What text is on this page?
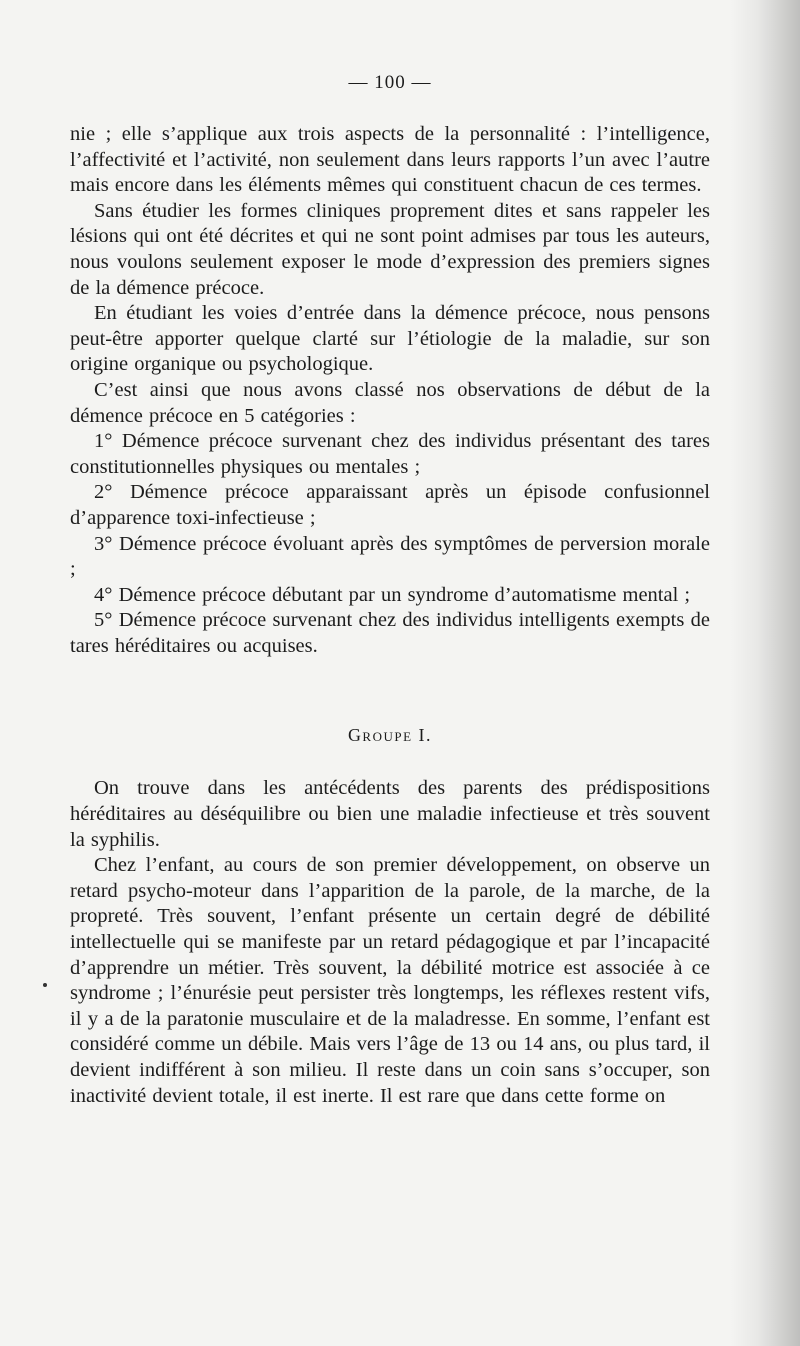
— 100 —

nie ; elle s’applique aux trois aspects de la personnalité : l’intelligence, l’affectivité et l’activité, non seulement dans leurs rapports l’un avec l’autre mais encore dans les éléments mêmes qui constituent chacun de ces termes.

Sans étudier les formes cliniques proprement dites et sans rappeler les lésions qui ont été décrites et qui ne sont point admises par tous les auteurs, nous voulons seulement exposer le mode d’expression des premiers signes de la démence précoce.

En étudiant les voies d’entrée dans la démence précoce, nous pensons peut-être apporter quelque clarté sur l’étiologie de la maladie, sur son origine organique ou psychologique.

C’est ainsi que nous avons classé nos observations de début de la démence précoce en 5 catégories :

1° Démence précoce survenant chez des individus présentant des tares constitutionnelles physiques ou mentales ;

2° Démence précoce apparaissant après un épisode confusionnel d’apparence toxi-infectieuse ;

3° Démence précoce évoluant après des symptômes de perversion morale ;

4° Démence précoce débutant par un syndrome d’automatisme mental ;

5° Démence précoce survenant chez des individus intelligents exempts de tares héréditaires ou acquises.

Groupe I.

On trouve dans les antécédents des parents des prédispositions héréditaires au déséquilibre ou bien une maladie infectieuse et très souvent la syphilis.

Chez l’enfant, au cours de son premier développement, on observe un retard psycho-moteur dans l’apparition de la parole, de la marche, de la propreté. Très souvent, l’enfant présente un certain degré de débilité intellectuelle qui se manifeste par un retard pédagogique et par l’incapacité d’apprendre un métier. Très souvent, la débilité motrice est associée à ce syndrome ; l’énurésie peut persister très longtemps, les réflexes restent vifs, il y a de la paratonie musculaire et de la maladresse. En somme, l’enfant est considéré comme un débile. Mais vers l’âge de 13 ou 14 ans, ou plus tard, il devient indifférent à son milieu. Il reste dans un coin sans s’occuper, son inactivité devient totale, il est inerte. Il est rare que dans cette forme on
